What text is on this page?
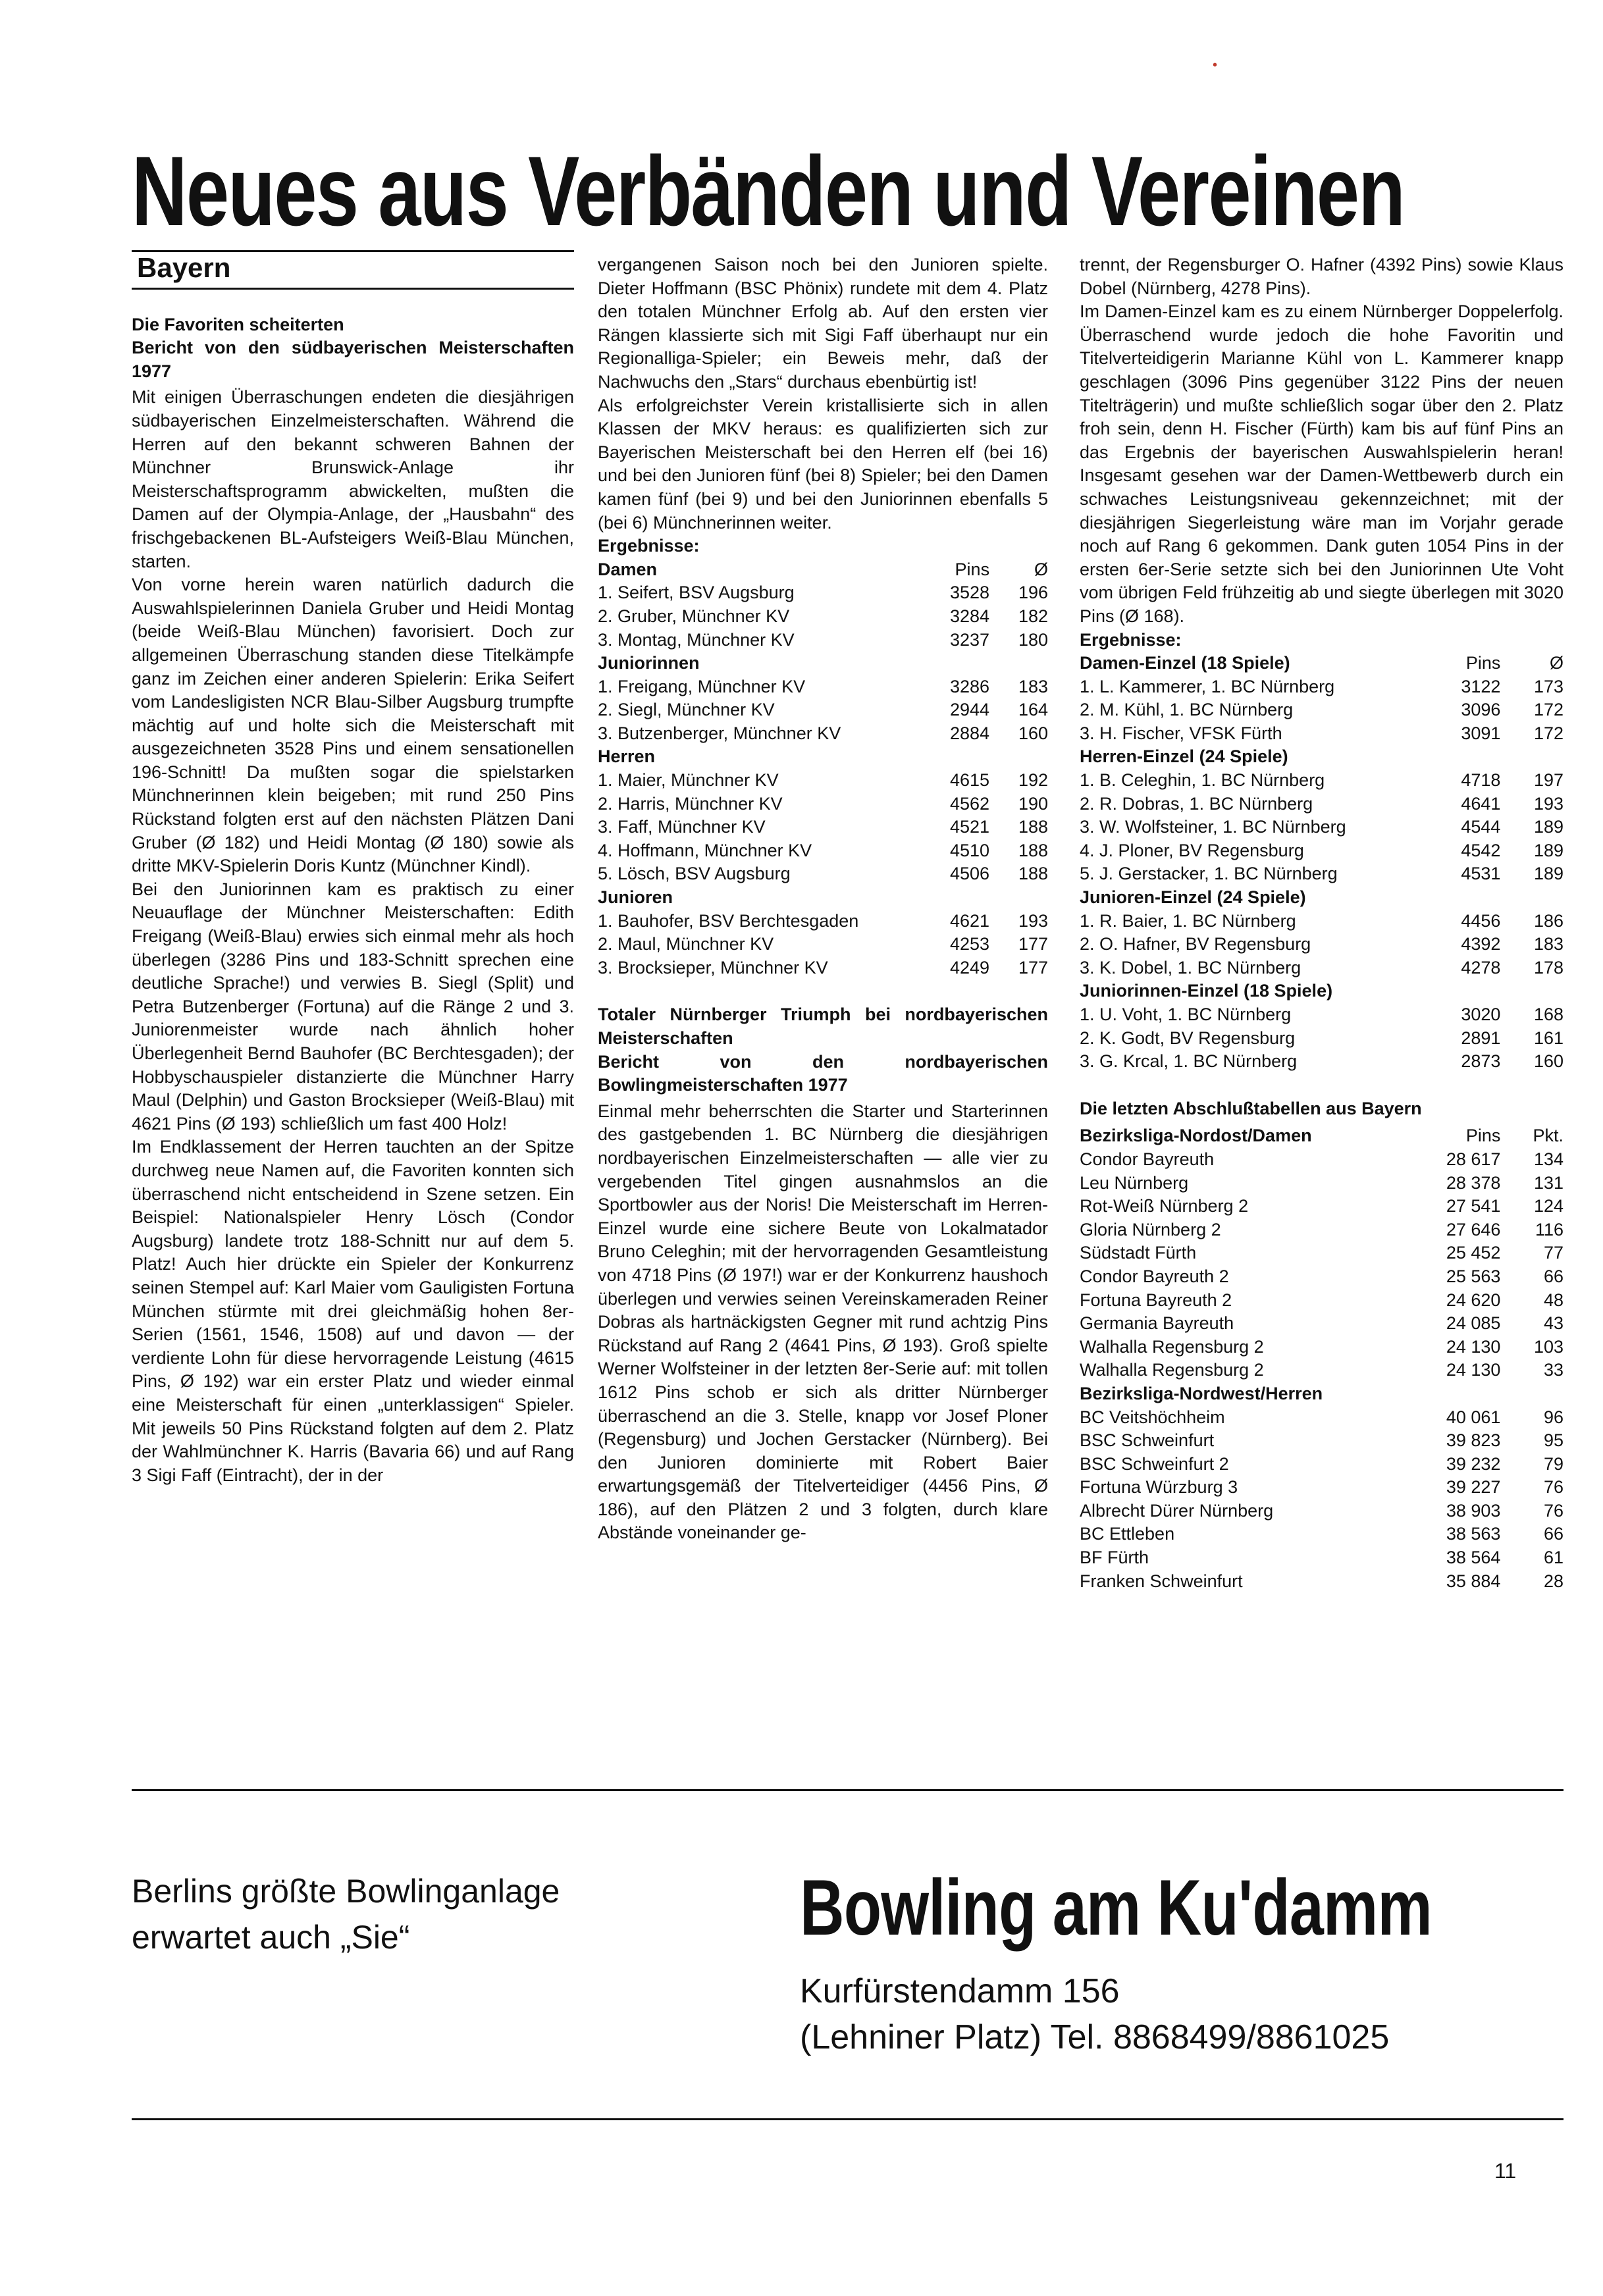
•
Neues aus Verbänden und Vereinen
Bayern

Die Favoriten scheiterten

Bericht von den südbayerischen Meisterschaften 1977

Mit einigen Überraschungen endeten die diesjährigen südbayerischen Einzelmeisterschaften. Während die Herren auf den bekannt schweren Bahnen der Münchner Brunswick-Anlage ihr Meisterschaftsprogramm abwickelten, mußten die Damen auf der Olympia-Anlage, der „Hausbahn“ des frischgebackenen BL-Aufsteigers Weiß-Blau München, starten.

Von vorne herein waren natürlich dadurch die Auswahlspielerinnen Daniela Gruber und Heidi Montag (beide Weiß-Blau München) favorisiert. Doch zur allgemeinen Überraschung standen diese Titelkämpfe ganz im Zeichen einer anderen Spielerin: Erika Seifert vom Landesligisten NCR Blau-Silber Augsburg trumpfte mächtig auf und holte sich die Meisterschaft mit ausgezeichneten 3528 Pins und einem sensationellen 196-Schnitt! Da mußten sogar die spielstarken Münchnerinnen klein beigeben; mit rund 250 Pins Rückstand folgten erst auf den nächsten Plätzen Dani Gruber (Ø 182) und Heidi Montag (Ø 180) sowie als dritte MKV-Spielerin Doris Kuntz (Münchner Kindl).

Bei den Juniorinnen kam es praktisch zu einer Neuauflage der Münchner Meisterschaften: Edith Freigang (Weiß-Blau) erwies sich einmal mehr als hoch überlegen (3286 Pins und 183-Schnitt sprechen eine deutliche Sprache!) und verwies B. Siegl (Split) und Petra Butzenberger (Fortuna) auf die Ränge 2 und 3. Juniorenmeister wurde nach ähnlich hoher Überlegenheit Bernd Bauhofer (BC Berchtesgaden); der Hobbyschauspieler distanzierte die Münchner Harry Maul (Delphin) und Gaston Brocksieper (Weiß-Blau) mit 4621 Pins (Ø 193) schließlich um fast 400 Holz!

Im Endklassement der Herren tauchten an der Spitze durchweg neue Namen auf, die Favoriten konnten sich überraschend nicht entscheidend in Szene setzen. Ein Beispiel: Nationalspieler Henry Lösch (Condor Augsburg) landete trotz 188-Schnitt nur auf dem 5. Platz! Auch hier drückte ein Spieler der Konkurrenz seinen Stempel auf: Karl Maier vom Gauligisten Fortuna München stürmte mit drei gleichmäßig hohen 8er-Serien (1561, 1546, 1508) auf und davon — der verdiente Lohn für diese hervorragende Leistung (4615 Pins, Ø 192) war ein erster Platz und wieder einmal eine Meisterschaft für einen „unterklassigen“ Spieler. Mit jeweils 50 Pins Rückstand folgten auf dem 2. Platz der Wahlmünchner K. Harris (Bavaria 66) und auf Rang 3 Sigi Faff (Eintracht), der in der

vergangenen Saison noch bei den Junioren spielte. Dieter Hoffmann (BSC Phönix) rundete mit dem 4. Platz den totalen Münchner Erfolg ab. Auf den ersten vier Rängen klassierte sich mit Sigi Faff überhaupt nur ein Regionalliga-Spieler; ein Beweis mehr, daß der Nachwuchs den „Stars“ durchaus ebenbürtig ist!

Als erfolgreichster Verein kristallisierte sich in allen Klassen der MKV heraus: es qualifizierten sich zur Bayerischen Meisterschaft bei den Herren elf (bei 16) und bei den Junioren fünf (bei 8) Spieler; bei den Damen kamen fünf (bei 9) und bei den Juniorinnen ebenfalls 5 (bei 6) Münchnerinnen weiter.

Ergebnisse:
Damen	Pins	Ø
1. Seifert, BSV Augsburg	3528	196
2. Gruber, Münchner KV	3284	182
3. Montag, Münchner KV	3237	180
Juniorinnen		
1. Freigang, Münchner KV	3286	183
2. Siegl, Münchner KV	2944	164
3. Butzenberger, Münchner KV	2884	160
Herren		
1. Maier, Münchner KV	4615	192
2. Harris, Münchner KV	4562	190
3. Faff, Münchner KV	4521	188
4. Hoffmann, Münchner KV	4510	188
5. Lösch, BSV Augsburg	4506	188
Junioren		
1. Bauhofer, BSV Berchtesgaden	4621	193
2. Maul, Münchner KV	4253	177
3. Brocksieper, Münchner KV	4249	177

Totaler Nürnberger Triumph bei nordbayerischen Meisterschaften

Bericht von den nordbayerischen Bowlingmeisterschaften 1977

Einmal mehr beherrschten die Starter und Starterinnen des gastgebenden 1. BC Nürnberg die diesjährigen nordbayerischen Einzelmeisterschaften — alle vier zu vergebenden Titel gingen ausnahmslos an die Sportbowler aus der Noris! Die Meisterschaft im Herren-Einzel wurde eine sichere Beute von Lokalmatador Bruno Celeghin; mit der hervorragenden Gesamtleistung von 4718 Pins (Ø 197!) war er der Konkurrenz haushoch überlegen und verwies seinen Vereinskameraden Reiner Dobras als hartnäckigsten Gegner mit rund achtzig Pins Rückstand auf Rang 2 (4641 Pins, Ø 193). Groß spielte Werner Wolfsteiner in der letzten 8er-Serie auf: mit tollen 1612 Pins schob er sich als dritter Nürnberger überraschend an die 3. Stelle, knapp vor Josef Ploner (Regensburg) und Jochen Gerstacker (Nürnberg). Bei den Junioren dominierte mit Robert Baier erwartungsgemäß der Titelverteidiger (4456 Pins, Ø 186), auf den Plätzen 2 und 3 folgten, durch klare Abstände voneinander ge-

trennt, der Regensburger O. Hafner (4392 Pins) sowie Klaus Dobel (Nürnberg, 4278 Pins).

Im Damen-Einzel kam es zu einem Nürnberger Doppelerfolg. Überraschend wurde jedoch die hohe Favoritin und Titelverteidigerin Marianne Kühl von L. Kammerer knapp geschlagen (3096 Pins gegenüber 3122 Pins der neuen Titelträgerin) und mußte schließlich sogar über den 2. Platz froh sein, denn H. Fischer (Fürth) kam bis auf fünf Pins an das Ergebnis der bayerischen Auswahlspielerin heran! Insgesamt gesehen war der Damen-Wettbewerb durch ein schwaches Leistungsniveau gekennzeichnet; mit der diesjährigen Siegerleistung wäre man im Vorjahr gerade noch auf Rang 6 gekommen. Dank guten 1054 Pins in der ersten 6er-Serie setzte sich bei den Juniorinnen Ute Voht vom übrigen Feld frühzeitig ab und siegte überlegen mit 3020 Pins (Ø 168).

Ergebnisse:
Damen-Einzel (18 Spiele)	Pins	Ø
1. L. Kammerer, 1. BC Nürnberg	3122	173
2. M. Kühl, 1. BC Nürnberg	3096	172
3. H. Fischer, VFSK Fürth	3091	172
Herren-Einzel (24 Spiele)		
1. B. Celeghin, 1. BC Nürnberg	4718	197
2. R. Dobras, 1. BC Nürnberg	4641	193
3. W. Wolfsteiner, 1. BC Nürnberg	4544	189
4. J. Ploner, BV Regensburg	4542	189
5. J. Gerstacker, 1. BC Nürnberg	4531	189
Junioren-Einzel (24 Spiele)		
1. R. Baier, 1. BC Nürnberg	4456	186
2. O. Hafner, BV Regensburg	4392	183
3. K. Dobel, 1. BC Nürnberg	4278	178
Juniorinnen-Einzel (18 Spiele)		
1. U. Voht, 1. BC Nürnberg	3020	168
2. K. Godt, BV Regensburg	2891	161
3. G. Krcal, 1. BC Nürnberg	2873	160
Die letzten Abschlußtabellen aus Bayern
Bezirksliga-Nordost/Damen	Pins	Pkt.
Condor Bayreuth	28 617	134
Leu Nürnberg	28 378	131
Rot-Weiß Nürnberg 2	27 541	124
Gloria Nürnberg 2	27 646	116
Südstadt Fürth	25 452	77
Condor Bayreuth 2	25 563	66
Fortuna Bayreuth 2	24 620	48
Germania Bayreuth	24 085	43
Walhalla Regensburg 2	24 130	103
Walhalla Regensburg 2	24 130	33
Bezirksliga-Nordwest/Herren		
BC Veitshöchheim	40 061	96
BSC Schweinfurt	39 823	95
BSC Schweinfurt 2	39 232	79
Fortuna Würzburg 3	39 227	76
Albrecht Dürer Nürnberg	38 903	76
BC Ettleben	38 563	66
BF Fürth	38 564	61
Franken Schweinfurt	35 884	28
Berlins größte Bowlinganlage
erwartet auch „Sie“	Bowling am Ku'damm
Kurfürstendamm 156
(Lehniner Platz) Tel. 8868499/8861025
11
